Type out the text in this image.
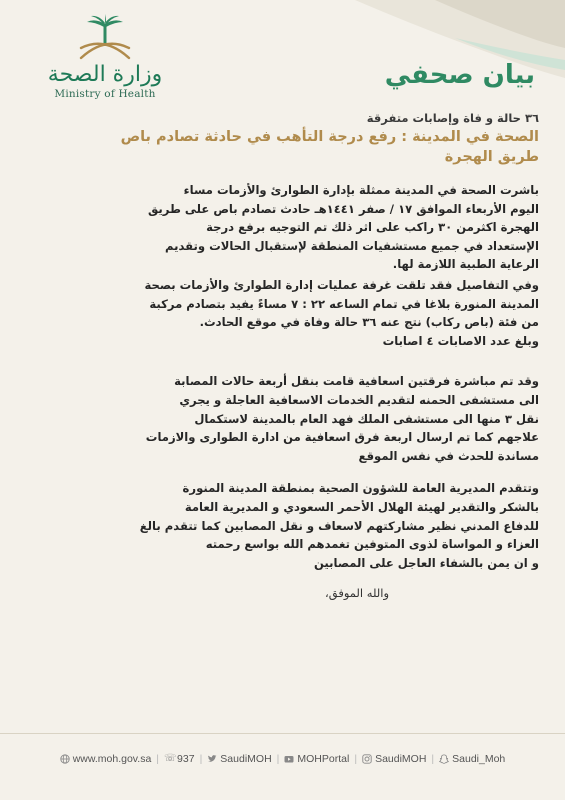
وزارة الصحة
Ministry of Health
بيان صحفي
٣٦ حالة و فاة وإصابات متفرقة
الصحة في المدينة : رفع درجة التأهب في حادثة تصادم باص
طريق الهجرة
باشرت الصحة في المدينة ممثلة بإدارة الطوارئ والأزمات مساء
اليوم الأربعاء الموافق ١٧ / صفر ١٤٤١هـ حادث تصادم باص على طريق
الهجرة اكثرمن ٣٠ راكب على اثر ذلك تم التوجيه برفع درجة
الإستعداد في جميع مستشفيات المنطقة لإستقبال الحالات وتقديم
الرعاية الطبية اللازمة لها.
وفي التفاصيل فقد تلقت غرفة عمليات إدارة الطوارئ والأزمات بصحة
المدينة المنورة بلاغا في تمام الساعه ٢٢ : ٧ مساءً يفيد بتصادم مركبة
من فئة (باص ركاب) نتج عنه ٣٦ حالة وفاة في موقع الحادث.
وبلغ عدد الاصابات ٤ اصابات
وقد تم مباشرة فرقتين اسعافية قامت بنقل أربعة حالات المصابة
الى مستشفى الحمنه لتقديم الخدمات الاسعافية العاجلة و يجري
نقل ٣ منها الى مستشفى الملك فهد العام بالمدينة لاستكمال
علاجهم كما تم ارسال اربعة فرق اسعافية من ادارة الطوارى والازمات
مساندة للحدث في نفس الموقع
وتتقدم المديرية العامة للشؤون الصحية بمنطقة المدينة المنورة
بالشكر والتقدير لهيئة الهلال الأحمر السعودي و المديرية العامة
للدفاع المدني نظير مشاركتهم لاسعاف و نقل المصابين كما تتقدم بالغ
العزاء و المواساة لذوى المتوفين تغمدهم الله بواسع رحمته
و ان يمن بالشفاء العاجل على المصابين
والله الموفق،
www.moh.gov.sa | ☏ 937 | SaudiMOH | MOHPortal | SaudiMOH | Saudi_Moh
